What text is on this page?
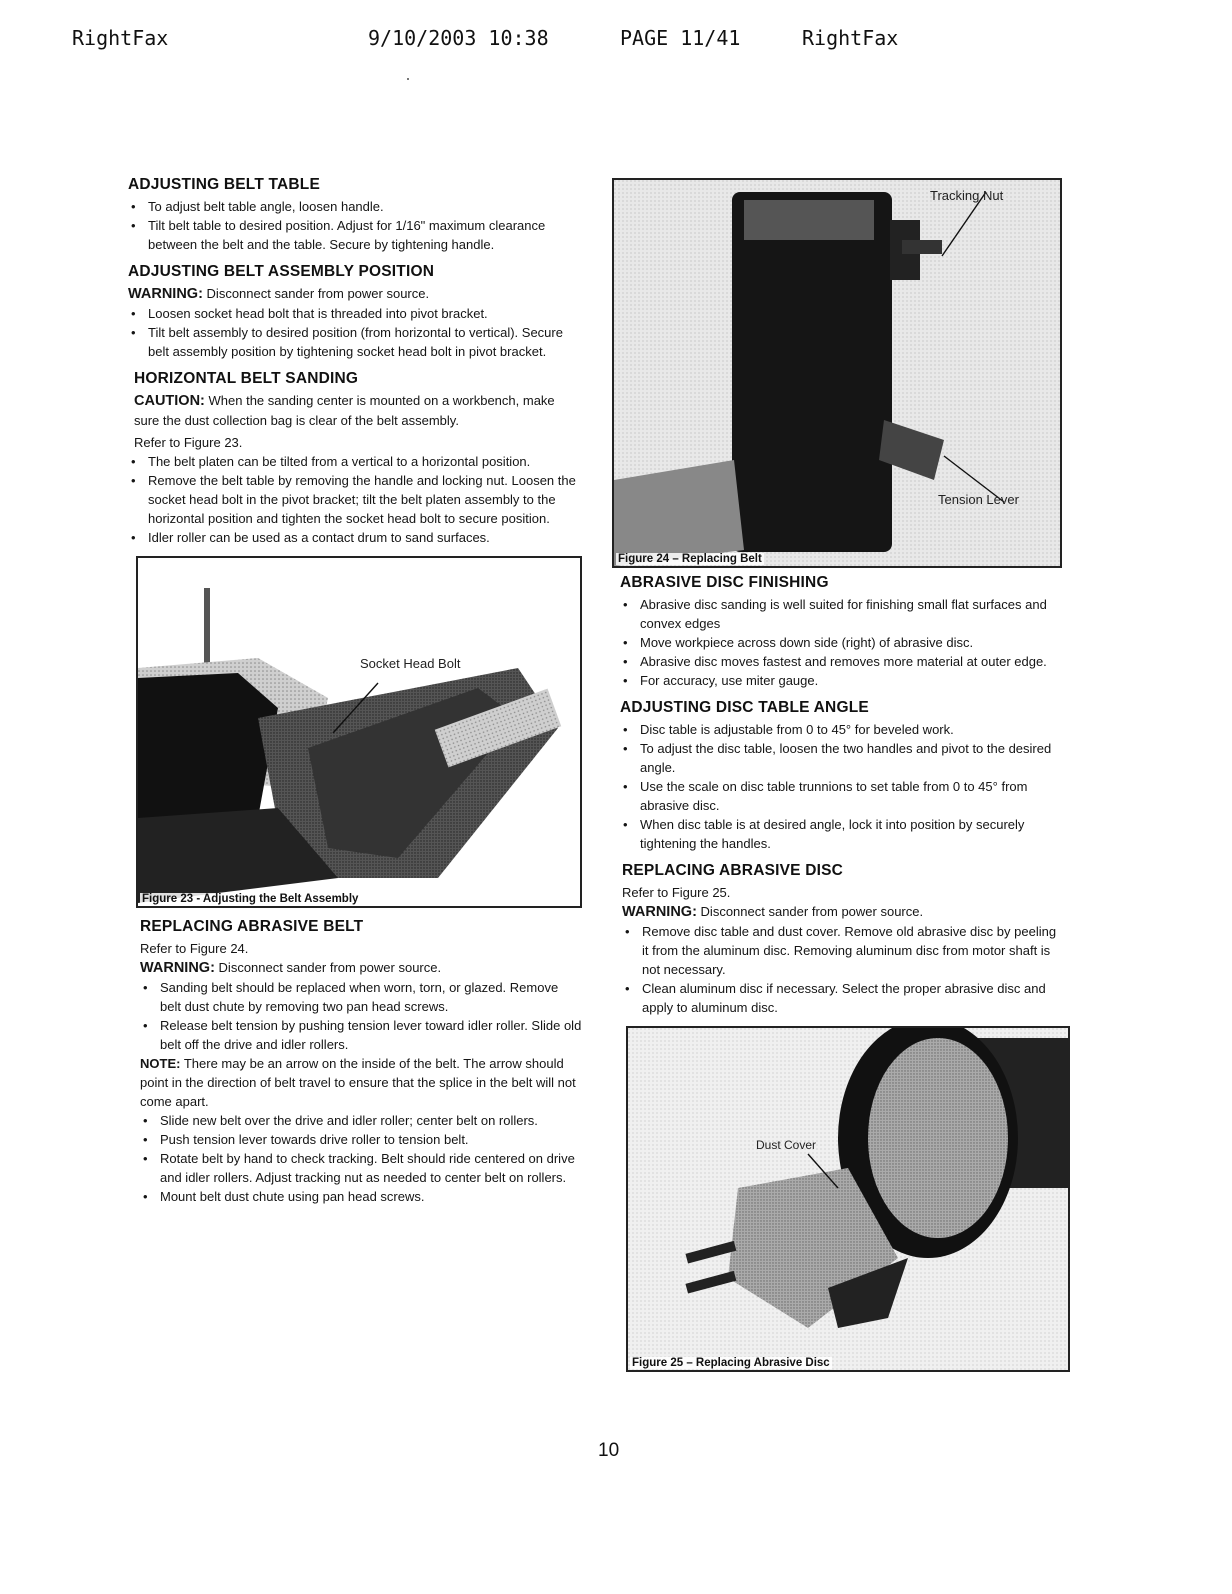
RightFax	9/10/2003 10:38	PAGE 11/41	RightFax
ADJUSTING BELT TABLE
• To adjust belt table angle, loosen handle.
• Tilt belt table to desired position. Adjust for 1/16" maximum clearance between the belt and the table. Secure by tightening handle.
ADJUSTING BELT ASSEMBLY POSITION

WARNING: Disconnect sander from power source.

• Loosen socket head bolt that is threaded into pivot bracket.
• Tilt belt assembly to desired position (from horizontal to vertical). Secure belt assembly position by tightening socket head bolt in pivot bracket.
HORIZONTAL BELT SANDING

CAUTION: When the sanding center is mounted on a workbench, make sure the dust collection bag is clear of the belt assembly.

Refer to Figure 23.

• The belt platen can be tilted from a vertical to a horizontal position.
• Remove the belt table by removing the handle and locking nut. Loosen the socket head bolt in the pivot bracket; tilt the belt platen assembly to the horizontal position and tighten the socket head bolt to secure position.
• Idler roller can be used as a contact drum to sand surfaces.
Socket Head Bolt
Figure 23 - Adjusting the Belt Assembly
REPLACING ABRASIVE BELT

Refer to Figure 24.

WARNING: Disconnect sander from power source.

• Sanding belt should be replaced when worn, torn, or glazed. Remove belt dust chute by removing two pan head screws.
• Release belt tension by pushing tension lever toward idler roller. Slide old belt off the drive and idler rollers.

NOTE: There may be an arrow on the inside of the belt. The arrow should point in the direction of belt travel to ensure that the splice in the belt will not come apart.

• Slide new belt over the drive and idler roller; center belt on rollers.
• Push tension lever towards drive roller to tension belt.
• Rotate belt by hand to check tracking. Belt should ride centered on drive and idler rollers. Adjust tracking nut as needed to center belt on rollers.
• Mount belt dust chute using pan head screws.
Tracking Nut
Tension Lever
Figure 24 – Replacing Belt
ABRASIVE DISC FINISHING
• Abrasive disc sanding is well suited for finishing small flat surfaces and convex edges
• Move workpiece across down side (right) of abrasive disc.
• Abrasive disc moves fastest and removes more material at outer edge.
• For accuracy, use miter gauge.
ADJUSTING DISC TABLE ANGLE
• Disc table is adjustable from 0 to 45° for beveled work.
• To adjust the disc table, loosen the two handles and pivot to the desired angle.
• Use the scale on disc table trunnions to set table from 0 to 45° from abrasive disc.
• When disc table is at desired angle, lock it into position by securely tightening the handles.
REPLACING ABRASIVE DISC

Refer to Figure 25.

WARNING: Disconnect sander from power source.

• Remove disc table and dust cover. Remove old abrasive disc by peeling it from the aluminum disc. Removing aluminum disc from motor shaft is not necessary.
• Clean aluminum disc if necessary. Select the proper abrasive disc and apply to aluminum disc.
Dust Cover
Figure 25 – Replacing Abrasive Disc
10
